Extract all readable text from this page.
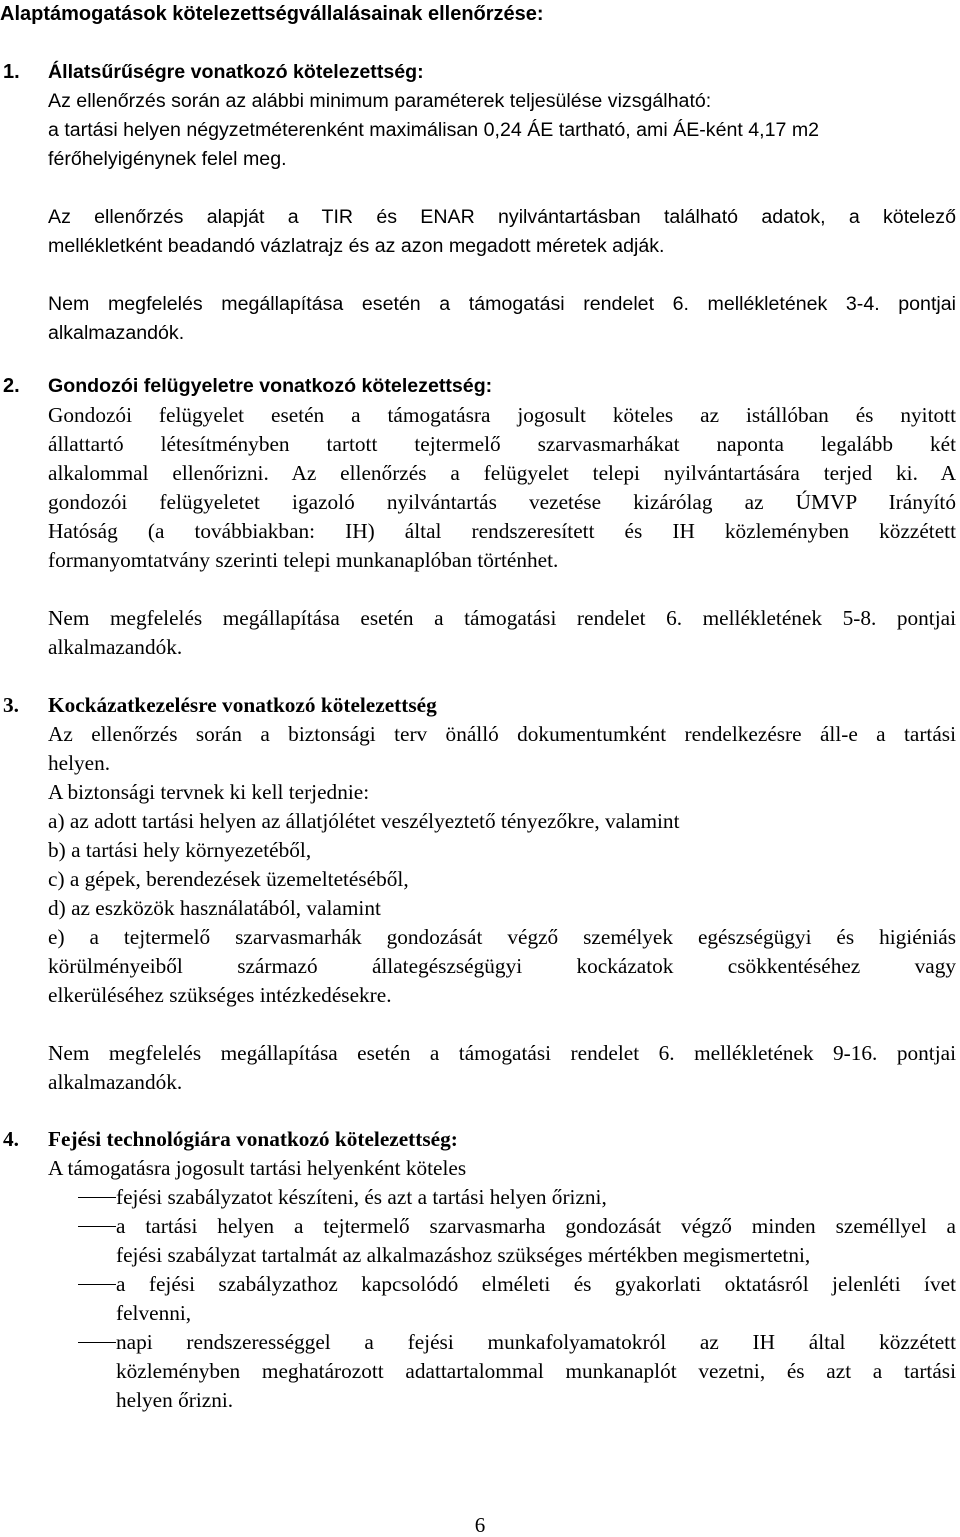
Alaptámogatások kötelezettségvállalásainak ellenőrzése:
1. Állatsűrűségre vonatkozó kötelezettség:
Az ellenőrzés során az alábbi minimum paraméterek teljesülése vizsgálható:
a tartási helyen négyzetméterenként maximálisan 0,24 ÁE tartható, ami ÁE-ként 4,17 m2
férőhelyigénynek felel meg.
Az ellenőrzés alapját a TIR és ENAR nyilvántartásban található adatok, a kötelező
mellékletként beadandó vázlatrajz és az azon megadott méretek adják.
Nem megfelelés megállapítása esetén a támogatási rendelet 6. mellékletének 3-4. pontjai
alkalmazandók.
2. Gondozói felügyeletre vonatkozó kötelezettség:
Gondozói felügyelet esetén a támogatásra jogosult köteles az istállóban és nyitott
állattartó létesítményben tartott tejtermelő szarvasmarhákat naponta legalább két
alkalommal ellenőrizni. Az ellenőrzés a felügyelet telepi nyilvántartására terjed ki. A
gondozói felügyeletet igazoló nyilvántartás vezetése kizárólag az ÚMVP Irányító
Hatóság (a továbbiakban: IH) által rendszeresített és IH közleményben közzétett
formanyomtatvány szerinti telepi munkanaplóban történhet.
Nem megfelelés megállapítása esetén a támogatási rendelet 6. mellékletének 5-8. pontjai
alkalmazandók.
3. Kockázatkezelésre vonatkozó kötelezettség
Az ellenőrzés során a biztonsági terv önálló dokumentumként rendelkezésre áll-e a tartási
helyen.
A biztonsági tervnek ki kell terjednie:
a) az adott tartási helyen az állatjólétet veszélyeztető tényezőkre, valamint
b) a tartási hely környezetéből,
c) a gépek, berendezések üzemeltetéséből,
d) az eszközök használatából, valamint
e) a tejtermelő szarvasmarhák gondozását végző személyek egészségügyi és higiéniás
körülményeiből származó állategészségügyi kockázatok csökkentéséhez vagy
elkerüléséhez szükséges intézkedésekre.
Nem megfelelés megállapítása esetén a támogatási rendelet 6. mellékletének 9-16. pontjai
alkalmazandók.
4. Fejési technológiára vonatkozó kötelezettség:
A támogatásra jogosult tartási helyenként köteles
fejési szabályzatot készíteni, és azt a tartási helyen őrizni,
a tartási helyen a tejtermelő szarvasmarha gondozását végző minden személlyel a
fejési szabályzat tartalmát az alkalmazáshoz szükséges mértékben megismertetni,
a fejési szabályzathoz kapcsolódó elméleti és gyakorlati oktatásról jelenléti ívet
felvenni,
napi rendszerességgel a fejési munkafolyamatokról az IH által közzétett
közleményben meghatározott adattartalommal munkanaplót vezetni, és azt a tartási
helyen őrizni.
6
